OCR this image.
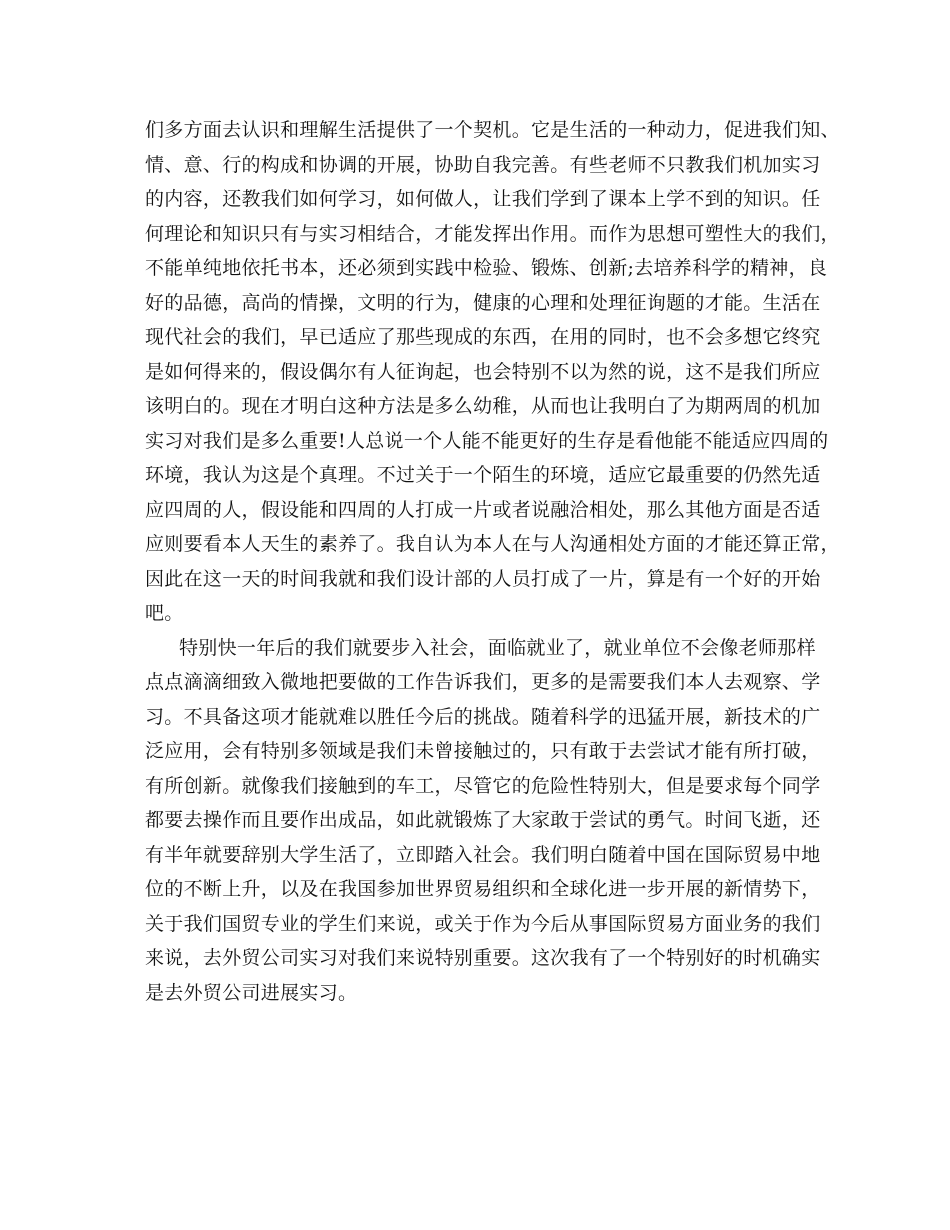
们多方面去认识和理解生活提供了一个契机。它是生活的一种动力，促进我们知、
情、意、行的构成和协调的开展，协助自我完善。有些老师不只教我们机加实习
的内容，还教我们如何学习，如何做人，让我们学到了课本上学不到的知识。任
何理论和知识只有与实习相结合，才能发挥出作用。而作为思想可塑性大的我们，
不能单纯地依托书本，还必须到实践中检验、锻炼、创新;去培养科学的精神，良
好的品德，高尚的情操，文明的行为，健康的心理和处理征询题的才能。生活在
现代社会的我们，早已适应了那些现成的东西，在用的同时，也不会多想它终究
是如何得来的，假设偶尔有人征询起，也会特别不以为然的说，这不是我们所应
该明白的。现在才明白这种方法是多么幼稚，从而也让我明白了为期两周的机加
实习对我们是多么重要!人总说一个人能不能更好的生存是看他能不能适应四周的
环境，我认为这是个真理。不过关于一个陌生的环境，适应它最重要的仍然先适
应四周的人，假设能和四周的人打成一片或者说融洽相处，那么其他方面是否适
应则要看本人天生的素养了。我自认为本人在与人沟通相处方面的才能还算正常，
因此在这一天的时间我就和我们设计部的人员打成了一片，算是有一个好的开始
吧。
特别快一年后的我们就要步入社会，面临就业了，就业单位不会像老师那样
点点滴滴细致入微地把要做的工作告诉我们，更多的是需要我们本人去观察、学
习。不具备这项才能就难以胜任今后的挑战。随着科学的迅猛开展，新技术的广
泛应用，会有特别多领域是我们未曾接触过的，只有敢于去尝试才能有所打破，
有所创新。就像我们接触到的车工，尽管它的危险性特别大，但是要求每个同学
都要去操作而且要作出成品，如此就锻炼了大家敢于尝试的勇气。时间飞逝，还
有半年就要辞别大学生活了，立即踏入社会。我们明白随着中国在国际贸易中地
位的不断上升，以及在我国参加世界贸易组织和全球化进一步开展的新情势下，
关于我们国贸专业的学生们来说，或关于作为今后从事国际贸易方面业务的我们
来说，去外贸公司实习对我们来说特别重要。这次我有了一个特别好的时机确实
是去外贸公司进展实习。
